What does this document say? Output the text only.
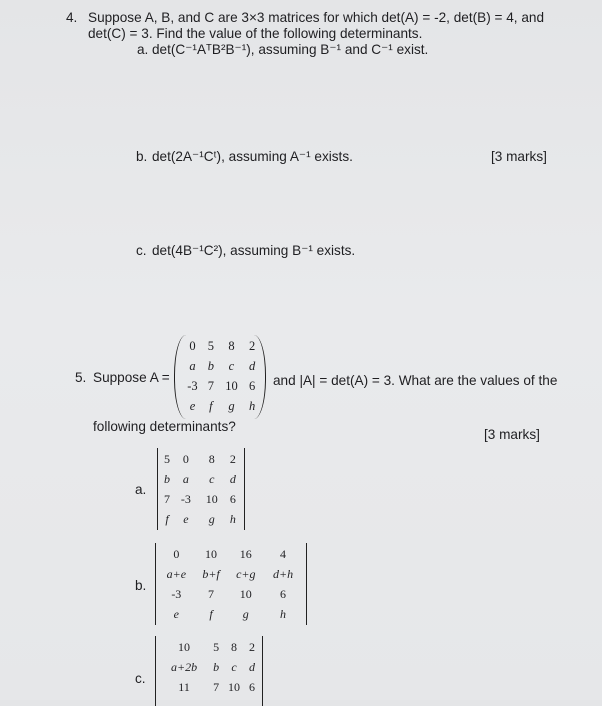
4. Suppose A, B, and C are 3×3 matrices for which det(A) = -2, det(B) = 4, and
det(C) = 3. Find the value of the following determinants.
a. det(C⁻¹AᵀB²B⁻¹), assuming B⁻¹ and C⁻¹ exist.
b. det(2A⁻¹Cᵗ), assuming A⁻¹ exists.	[3 marks]
c. det(4B⁻¹C²), assuming B⁻¹ exists.
5. Suppose A =
0	5	8	2
a	b	c	d
-3	7	10	6
e	f	g	h
and |A| = det(A) = 3. What are the values of the
following determinants?
[3 marks]
a.
5	0	8	2
b	a	c	d
7	-3	10	6
f	e	g	h
b.
0	10	16	4
a+e	b+f	c+g	d+h
-3	7	10	6
e	f	g	h
c.
10	5	8	2
a+2b	b	c	d
11	7	10	6
